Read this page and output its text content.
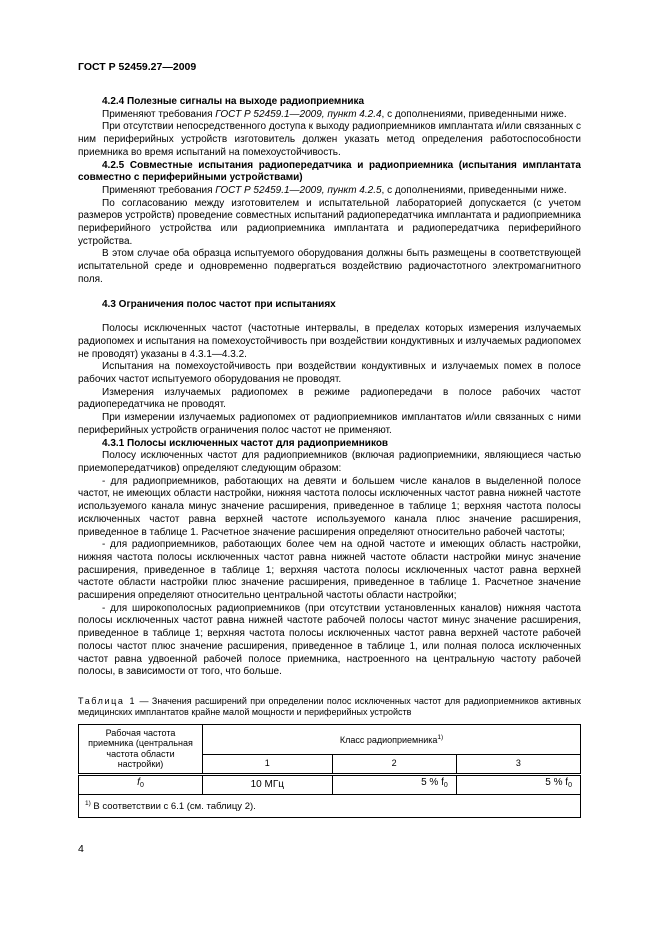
ГОСТ Р 52459.27—2009

4.2.4 Полезные сигналы на выходе радиоприемника

Применяют требования ГОСТ Р 52459.1—2009, пункт 4.2.4, с дополнениями, приведенными ниже.

При отсутствии непосредственного доступа к выходу радиоприемников имплантата и/или связанных с ним периферийных устройств изготовитель должен указать метод определения работоспособности приемника во время испытаний на помехоустойчивость.

4.2.5 Совместные испытания радиопередатчика и радиоприемника (испытания имплантата совместно с периферийными устройствами)

Применяют требования ГОСТ Р 52459.1—2009, пункт 4.2.5, с дополнениями, приведенными ниже.

По согласованию между изготовителем и испытательной лабораторией допускается (с учетом размеров устройств) проведение совместных испытаний радиопередатчика имплантата и радиоприемника периферийного устройства или радиоприемника имплантата и радиопередатчика периферийного устройства.

В этом случае оба образца испытуемого оборудования должны быть размещены в соответствующей испытательной среде и одновременно подвергаться воздействию радиочастотного электромагнитного поля.

4.3 Ограничения полос частот при испытаниях

Полосы исключенных частот (частотные интервалы, в пределах которых измерения излучаемых радиопомех и испытания на помехоустойчивость при воздействии кондуктивных и излучаемых радиопомех не проводят) указаны в 4.3.1—4.3.2.

Испытания на помехоустойчивость при воздействии кондуктивных и излучаемых помех в полосе рабочих частот испытуемого оборудования не проводят.

Измерения излучаемых радиопомех в режиме радиопередачи в полосе рабочих частот радиопередатчика не проводят.

При измерении излучаемых радиопомех от радиоприемников имплантатов и/или связанных с ними периферийных устройств ограничения полос частот не применяют.

4.3.1 Полосы исключенных частот для радиоприемников

Полосу исключенных частот для радиоприемников (включая радиоприемники, являющиеся частью приемопередатчиков) определяют следующим образом:

- для радиоприемников, работающих на девяти и большем числе каналов в выделенной полосе частот, не имеющих области настройки, нижняя частота полосы исключенных частот равна нижней частоте используемого канала минус значение расширения, приведенное в таблице 1; верхняя частота полосы исключенных частот равна верхней частоте используемого канала плюс значение расширения, приведенное в таблице 1. Расчетное значение расширения определяют относительно рабочей частоты;

- для радиоприемников, работающих более чем на одной частоте и имеющих область настройки, нижняя частота полосы исключенных частот равна нижней частоте области настройки минус значение расширения, приведенное в таблице 1; верхняя частота полосы исключенных частот равна верхней частоте области настройки плюс значение расширения, приведенное в таблице 1. Расчетное значение расширения определяют относительно центральной частоты области настройки;

- для широкополосных радиоприемников (при отсутствии установленных каналов) нижняя частота полосы исключенных частот равна нижней частоте рабочей полосы частот минус значение расширения, приведенное в таблице 1; верхняя частота полосы исключенных частот равна верхней частоте рабочей полосы частот плюс значение расширения, приведенное в таблице 1, или полная полоса исключенных частот равна удвоенной рабочей полосе приемника, настроенного на центральную частоту рабочей полосы, в зависимости от того, что больше.

Таблица 1 — Значения расширений при определении полос исключенных частот для радиоприемников активных медицинских имплантатов крайне малой мощности и периферийных устройств

Рабочая частота приемника (центральная частота области настройки)	Класс радиоприемника$^{1)}$
	1	2	3
$f_0$	10 МГц	5 % $f_0$	5 % $f_0$
$^{1)}$ В соответствии с 6.1 (см. таблицу 2).			
4
